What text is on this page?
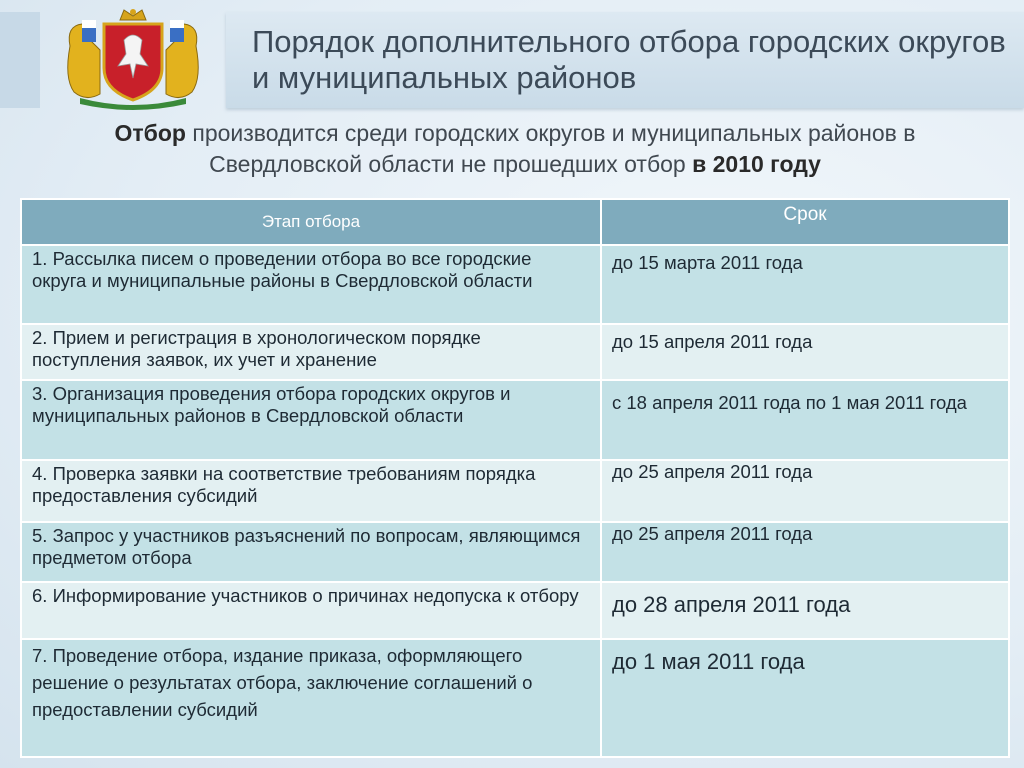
Порядок дополнительного отбора городских округов и муниципальных районов
Отбор производится среди городских округов и муниципальных районов в Свердловской области не прошедших отбор в 2010 году
Этап отбора	Срок
1. Рассылка писем о проведении отбора во все городские округа и муниципальные районы в Свердловской области	до 15 марта 2011 года
2. Прием и регистрация в хронологическом порядке поступления заявок, их учет и хранение	до 15 апреля 2011 года
3. Организация проведения отбора городских округов и муниципальных районов в Свердловской области	с 18 апреля 2011 года по 1 мая 2011 года
4. Проверка заявки на соответствие требованиям порядка предоставления субсидий	до 25 апреля 2011 года
5. Запрос у участников разъяснений по вопросам, являющимся предметом отбора	до 25 апреля 2011 года
6. Информирование участников о причинах недопуска к отбору	до 28 апреля 2011 года
7. Проведение отбора, издание приказа, оформляющего решение о результатах отбора, заключение соглашений о предоставлении субсидий	до 1 мая 2011 года
